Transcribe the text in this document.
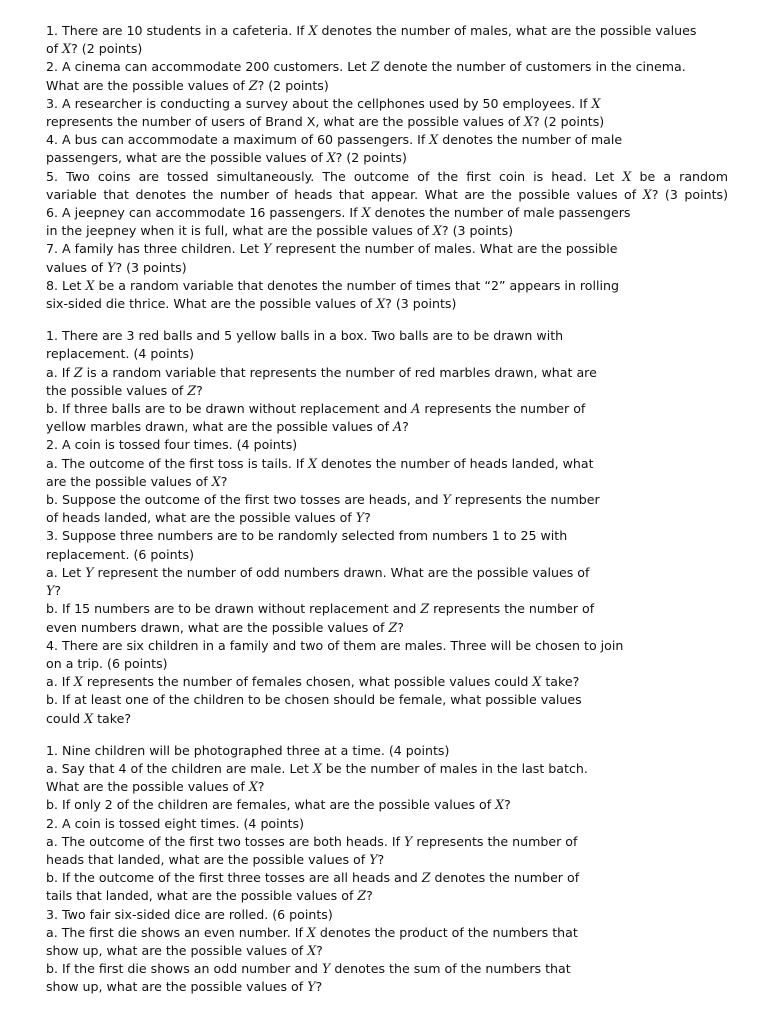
1. There are 10 students in a cafeteria. If X denotes the number of males, what are the possible values

of X? (2 points)

2. A cinema can accommodate 200 customers. Let Z denote the number of customers in the cinema.

What are the possible values of Z? (2 points)

3. A researcher is conducting a survey about the cellphones used by 50 employees. If X

represents the number of users of Brand X, what are the possible values of X? (2 points)

4. A bus can accommodate a maximum of 60 passengers. If X denotes the number of male

passengers, what are the possible values of X? (2 points)

5. Two coins are tossed simultaneously. The outcome of the first coin is head. Let X be a random

variable that denotes the number of heads that appear. What are the possible values of X? (3 points)

6. A jeepney can accommodate 16 passengers. If X denotes the number of male passengers

in the jeepney when it is full, what are the possible values of X? (3 points)

7. A family has three children. Let Y represent the number of males. What are the possible

values of Y? (3 points)

8. Let X be a random variable that denotes the number of times that “2” appears in rolling

six-sided die thrice. What are the possible values of X? (3 points)

1. There are 3 red balls and 5 yellow balls in a box. Two balls are to be drawn with

replacement. (4 points)

a. If Z is a random variable that represents the number of red marbles drawn, what are

the possible values of Z?

b. If three balls are to be drawn without replacement and A represents the number of

yellow marbles drawn, what are the possible values of A?

2. A coin is tossed four times. (4 points)

a. The outcome of the first toss is tails. If X denotes the number of heads landed, what

are the possible values of X?

b. Suppose the outcome of the first two tosses are heads, and Y represents the number

of heads landed, what are the possible values of Y?

3. Suppose three numbers are to be randomly selected from numbers 1 to 25 with

replacement. (6 points)

a. Let Y represent the number of odd numbers drawn. What are the possible values of

Y?

b. If 15 numbers are to be drawn without replacement and Z represents the number of

even numbers drawn, what are the possible values of Z?

4. There are six children in a family and two of them are males. Three will be chosen to join

on a trip. (6 points)

a. If X represents the number of females chosen, what possible values could X take?

b. If at least one of the children to be chosen should be female, what possible values

could X take?

1. Nine children will be photographed three at a time. (4 points)

a. Say that 4 of the children are male. Let X be the number of males in the last batch.

What are the possible values of X?

b. If only 2 of the children are females, what are the possible values of X?

2. A coin is tossed eight times. (4 points)

a. The outcome of the first two tosses are both heads. If Y represents the number of

heads that landed, what are the possible values of Y?

b. If the outcome of the first three tosses are all heads and Z denotes the number of

tails that landed, what are the possible values of Z?

3. Two fair six-sided dice are rolled. (6 points)

a. The first die shows an even number. If X denotes the product of the numbers that

show up, what are the possible values of X?

b. If the first die shows an odd number and Y denotes the sum of the numbers that

show up, what are the possible values of Y?
